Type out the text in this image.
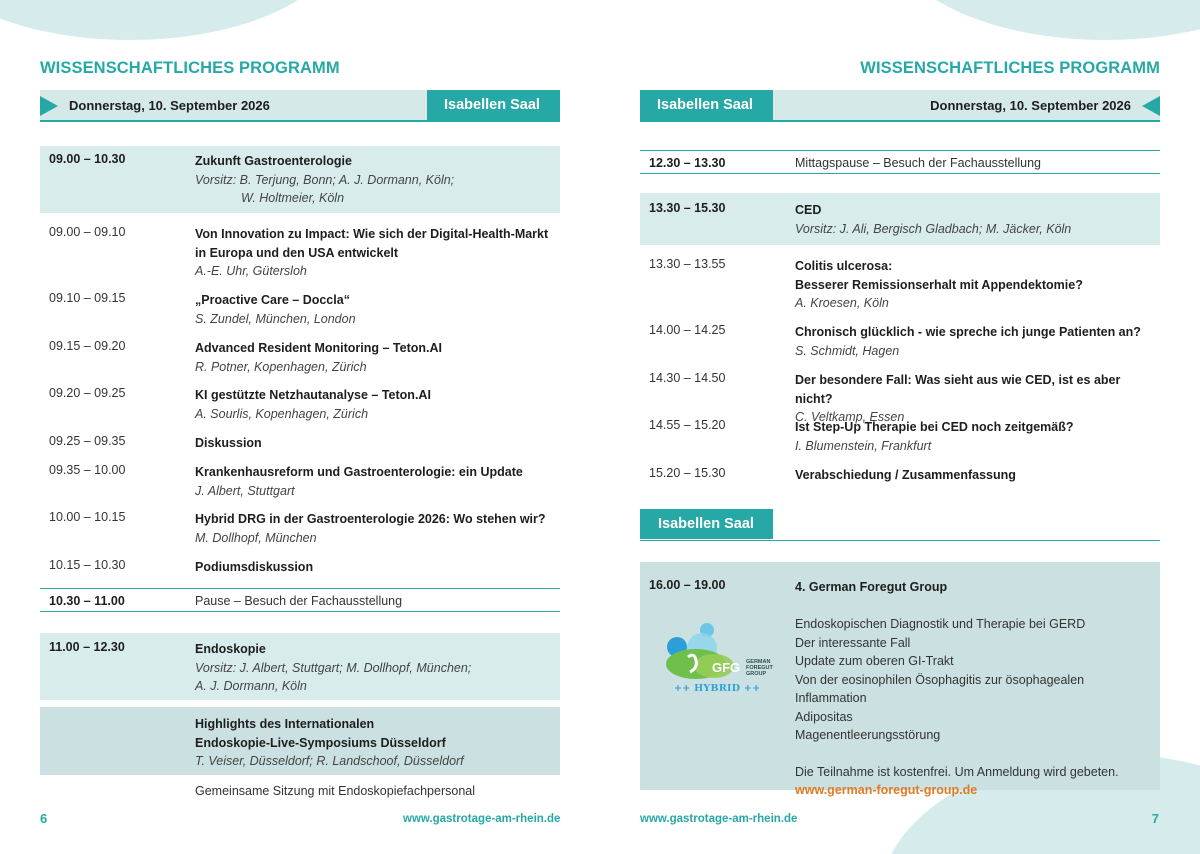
WISSENSCHAFTLICHES PROGRAMM
Donnerstag, 10. September 2026	Isabellen Saal
09.00 – 10.30	Zukunft Gastroenterologie
Vorsitz: B. Terjung, Bonn; A. J. Dormann, Köln;
W. Holtmeier, Köln
09.00 – 09.10	Von Innovation zu Impact: Wie sich der Digital-Health-Markt
in Europa und den USA entwickelt
A.-E. Uhr, Gütersloh
09.10 – 09.15	„Proactive Care – Doccla“
S. Zundel, München, London
09.15 – 09.20	Advanced Resident Monitoring – Teton.AI
R. Potner, Kopenhagen, Zürich
09.20 – 09.25	KI gestützte Netzhautanalyse – Teton.AI
A. Sourlis, Kopenhagen, Zürich
09.25 – 09.35	Diskussion
09.35 – 10.00	Krankenhausreform und Gastroenterologie: ein Update
J. Albert, Stuttgart
10.00 – 10.15	Hybrid DRG in der Gastroenterologie 2026: Wo stehen wir?
M. Dollhopf, München
10.15 – 10.30	Podiumsdiskussion
10.30 – 11.00	Pause – Besuch der Fachausstellung
11.00 – 12.30	Endoskopie
Vorsitz: J. Albert, Stuttgart; M. Dollhopf, München;
A. J. Dormann, Köln
Highlights des Internationalen
Endoskopie-Live-Symposiums Düsseldorf
T. Veiser, Düsseldorf; R. Landschoof, Düsseldorf
Gemeinsame Sitzung mit Endoskopiefachpersonal
6	www.gastrotage-am-rhein.de
WISSENSCHAFTLICHES PROGRAMM
Isabellen Saal	Donnerstag, 10. September 2026
12.30 – 13.30	Mittagspause – Besuch der Fachausstellung
13.30 – 15.30	CED
Vorsitz: J. Ali, Bergisch Gladbach; M. Jäcker, Köln
13.30 – 13.55	Colitis ulcerosa:
Besserer Remissionserhalt mit Appendektomie?
A. Kroesen, Köln
14.00 – 14.25	Chronisch glücklich - wie spreche ich junge Patienten an?
S. Schmidt, Hagen
14.30 – 14.50	Der besondere Fall: Was sieht aus wie CED, ist es aber nicht?
C. Veltkamp, Essen
14.55 – 15.20	Ist Step-Up Therapie bei CED noch zeitgemäß?
I. Blumenstein, Frankfurt
15.20 – 15.30	Verabschiedung / Zusammenfassung
Isabellen Saal
16.00 – 19.00	4. German Foregut Group
Endoskopischen Diagnostik und Therapie bei GERD
Der interessante Fall
Update zum oberen GI-Trakt
Von der eosinophilen Ösophagitis zur ösophagealen Inflammation
Adipositas
Magenentleerungsstörung
Die Teilnahme ist kostenfrei. Um Anmeldung wird gebeten.
www.german-foregut-group.de
GFG GERMAN
FOREGUT
GROUP
++ HYBRID ++
www.gastrotage-am-rhein.de	7
